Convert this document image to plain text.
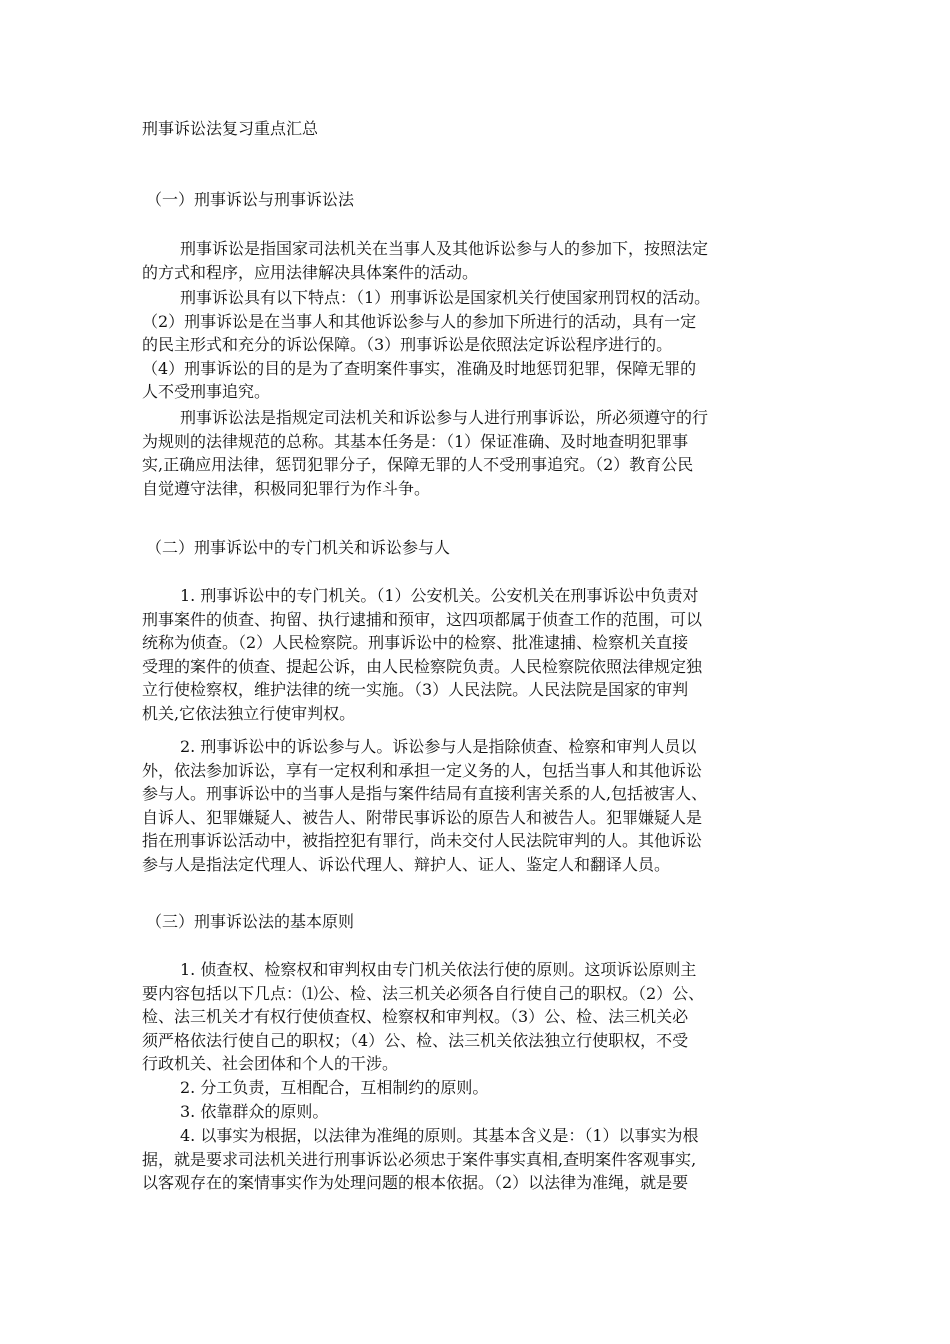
刑事诉讼法复习重点汇总
（一）刑事诉讼与刑事诉讼法

刑事诉讼是指国家司法机关在当事人及其他诉讼参与人的参加下，按照法定
的方式和程序，应用法律解决具体案件的活动。

刑事诉讼具有以下特点：（1）刑事诉讼是国家机关行使国家刑罚权的活动。
（2）刑事诉讼是在当事人和其他诉讼参与人的参加下所进行的活动，具有一定
的民主形式和充分的诉讼保障。（3）刑事诉讼是依照法定诉讼程序进行的。
（4）刑事诉讼的目的是为了查明案件事实，准确及时地惩罚犯罪，保障无罪的
人不受刑事追究。

刑事诉讼法是指规定司法机关和诉讼参与人进行刑事诉讼，所必须遵守的行
为规则的法律规范的总称。其基本任务是：（1）保证准确、及时地查明犯罪事
实,正确应用法律，惩罚犯罪分子，保障无罪的人不受刑事追究。（2）教育公民
自觉遵守法律，积极同犯罪行为作斗争。

（二）刑事诉讼中的专门机关和诉讼参与人

1. 刑事诉讼中的专门机关。（1）公安机关。公安机关在刑事诉讼中负责对
刑事案件的侦查、拘留、执行逮捕和预审，这四项都属于侦查工作的范围，可以
统称为侦查。（2）人民检察院。刑事诉讼中的检察、批准逮捕、检察机关直接
受理的案件的侦查、提起公诉，由人民检察院负责。人民检察院依照法律规定独
立行使检察权，维护法律的统一实施。（3）人民法院。人民法院是国家的审判
机关,它依法独立行使审判权。

2. 刑事诉讼中的诉讼参与人。诉讼参与人是指除侦查、检察和审判人员以
外，依法参加诉讼，享有一定权利和承担一定义务的人，包括当事人和其他诉讼
参与人。刑事诉讼中的当事人是指与案件结局有直接利害关系的人,包括被害人、
自诉人、犯罪嫌疑人、被告人、附带民事诉讼的原告人和被告人。犯罪嫌疑人是
指在刑事诉讼活动中，被指控犯有罪行，尚未交付人民法院审判的人。其他诉讼
参与人是指法定代理人、诉讼代理人、辩护人、证人、鉴定人和翻译人员。

（三）刑事诉讼法的基本原则

1. 侦查权、检察权和审判权由专门机关依法行使的原则。这项诉讼原则主
要内容包括以下几点：⑴公、检、法三机关必须各自行使自己的职权。（2）公、
检、法三机关才有权行使侦查权、检察权和审判权。（3）公、检、法三机关必
须严格依法行使自己的职权；（4）公、检、法三机关依法独立行使职权，不受
行政机关、社会团体和个人的干涉。

2. 分工负责，互相配合，互相制约的原则。

3. 依靠群众的原则。

4. 以事实为根据，以法律为准绳的原则。其基本含义是：（1）以事实为根
据，就是要求司法机关进行刑事诉讼必须忠于案件事实真相,查明案件客观事实,
以客观存在的案情事实作为处理问题的根本依据。（2）以法律为准绳，就是要
